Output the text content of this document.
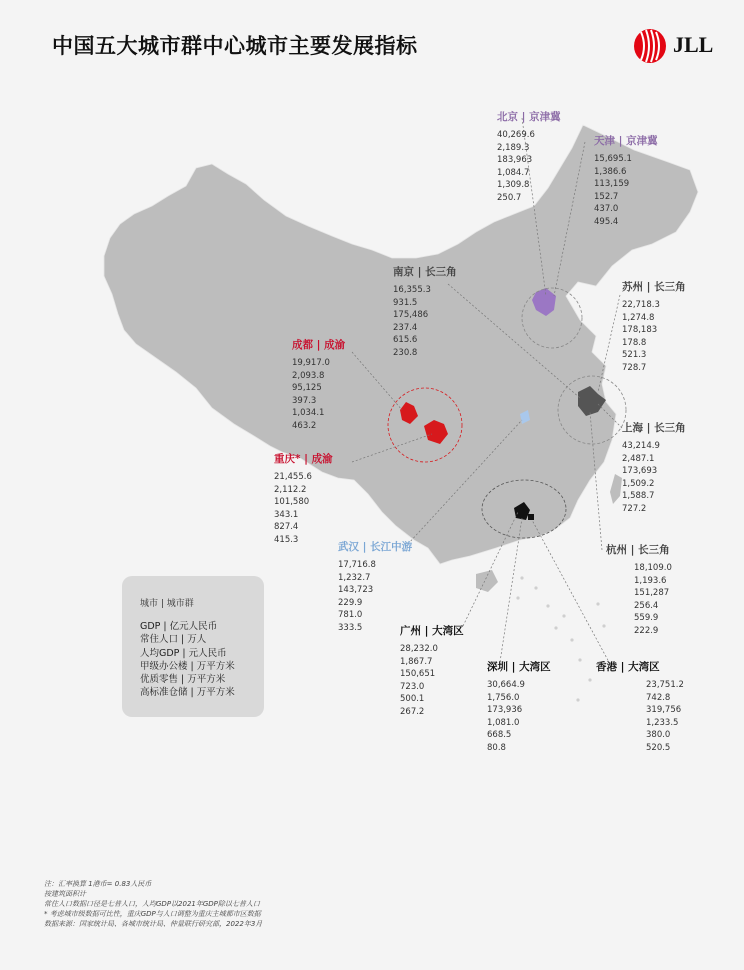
中国五大城市群中心城市主要发展指标	JLL
北京 | 京津冀
40,269.6
2,189.3
183,963
1,084.7
1,309.8
250.7
天津 | 京津冀
15,695.1
1,386.6
113,159
152.7
437.0
495.4
南京 | 长三角
16,355.3
931.5
175,486
237.4
615.6
230.8
苏州 | 长三角
22,718.3
1,274.8
178,183
178.8
521.3
728.7
成都 | 成渝
19,917.0
2,093.8
95,125
397.3
1,034.1
463.2
重庆* | 成渝
21,455.6
2,112.2
101,580
343.1
827.4
415.3
上海 | 长三角
43,214.9
2,487.1
173,693
1,509.2
1,588.7
727.2
武汉 | 长江中游
17,716.8
1,232.7
143,723
229.9
781.0
333.5
杭州 | 长三角
18,109.0
1,193.6
151,287
256.4
559.9
222.9
广州 | 大湾区
28,232.0
1,867.7
150,651
723.0
500.1
267.2
深圳 | 大湾区
30,664.9
1,756.0
173,936
1,081.0
668.5
80.8
香港 | 大湾区
23,751.2
742.8
319,756
1,233.5
380.0
520.5
城市 | 城市群
GDP | 亿元人民币
常住人口 | 万人
人均GDP | 元人民币
甲级办公楼 | 万平方米
优质零售 | 万平方米
高标准仓储 | 万平方米
注：汇率换算 1港币= 0.83人民币
按建筑面积计
常住人口数据口径是七普人口，人均GDP以2021年GDP除以七普人口
* 考虑城市级数据可比性，重庆GDP与人口调整为重庆主城都市区数据
数据来源：国家统计局、各城市统计局、仲量联行研究部，2022年3月
